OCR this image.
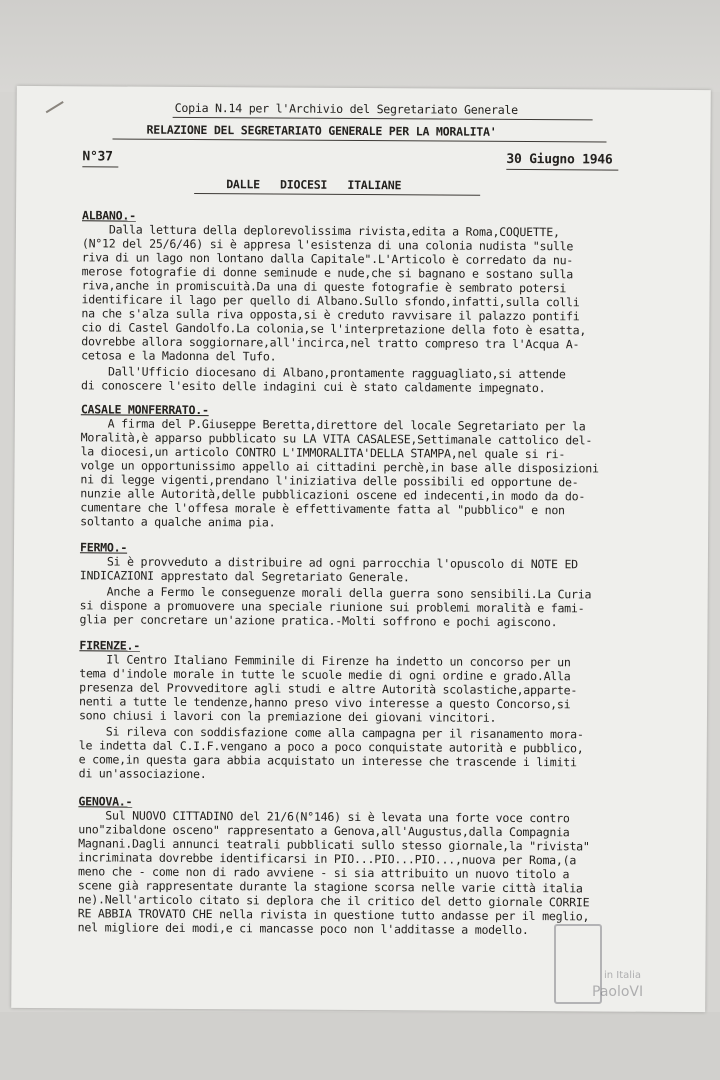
Copia N.14 per l'Archivio del Segretariato Generale
RELAZIONE DEL SEGRETARIATO GENERALE PER LA MORALITA'
N°37	30 Giugno 1946
DALLE   DIOCESI   ITALIANE
ALBANO.-
Dalla lettura della deplorevolissima rivista,edita a Roma,COQUETTE,
(N°12 del 25/6/46) si è appresa l'esistenza di una colonia nudista "sulle
riva di un lago non lontano dalla Capitale".L'Articolo è corredato da nu-
merose fotografie di donne seminude e nude,che si bagnano e sostano sulla
riva,anche in promiscuità.Da una di queste fotografie è sembrato potersi
identificare il lago per quello di Albano.Sullo sfondo,infatti,sulla colli
na che s'alza sulla riva opposta,si è creduto ravvisare il palazzo pontifi
cio di Castel Gandolfo.La colonia,se l'interpretazione della foto è esatta,
dovrebbe allora soggiornare,all'incirca,nel tratto compreso tra l'Acqua A-
cetosa e la Madonna del Tufo.
Dall'Ufficio diocesano di Albano,prontamente ragguagliato,si attende
di conoscere l'esito delle indagini cui è stato caldamente impegnato.
CASALE MONFERRATO.-
A firma del P.Giuseppe Beretta,direttore del locale Segretariato per la
Moralità,è apparso pubblicato su LA VITA CASALESE,Settimanale cattolico del-
la diocesi,un articolo CONTRO L'IMMORALITA'DELLA STAMPA,nel quale si ri-
volge un opportunissimo appello ai cittadini perchè,in base alle disposizioni
ni di legge vigenti,prendano l'iniziativa delle possibili ed opportune de-
nunzie alle Autorità,delle pubblicazioni oscene ed indecenti,in modo da do-
cumentare che l'offesa morale è effettivamente fatta al "pubblico" e non
soltanto a qualche anima pia.
FERMO.-
Si è provveduto a distribuire ad ogni parrocchia l'opuscolo di NOTE ED
INDICAZIONI apprestato dal Segretariato Generale.
Anche a Fermo le conseguenze morali della guerra sono sensibili.La Curia
si dispone a promuovere una speciale riunione sui problemi moralità e fami-
glia per concretare un'azione pratica.-Molti soffrono e pochi agiscono.
FIRENZE.-
Il Centro Italiano Femminile di Firenze ha indetto un concorso per un
tema d'indole morale in tutte le scuole medie di ogni ordine e grado.Alla
presenza del Provveditore agli studi e altre Autorità scolastiche,apparte-
nenti a tutte le tendenze,hanno preso vivo interesse a questo Concorso,si
sono chiusi i lavori con la premiazione dei giovani vincitori.
Si rileva con soddisfazione come alla campagna per il risanamento mora-
le indetta dal C.I.F.vengano a poco a poco conquistate autorità e pubblico,
e come,in questa gara abbia acquistato un interesse che trascende i limiti
di un'associazione.
GENOVA.-
Sul NUOVO CITTADINO del 21/6(N°146) si è levata una forte voce contro
uno"zibaldone osceno" rappresentato a Genova,all'Augustus,dalla Compagnia
Magnani.Dagli annunci teatrali pubblicati sullo stesso giornale,la "rivista"
incriminata dovrebbe identificarsi in PIO...PIO...PIO...,nuova per Roma,(a
meno che - come non di rado avviene - si sia attribuito un nuovo titolo a
scene già rappresentate durante la stagione scorsa nelle varie città italia
ne).Nell'articolo citato si deplora che il critico del detto giornale CORRIE
RE ABBIA TROVATO CHE nella rivista in questione tutto andasse per il meglio,
nel migliore dei modi,e ci mancasse poco non l'additasse a modello.
in Italia
PaoloVI
